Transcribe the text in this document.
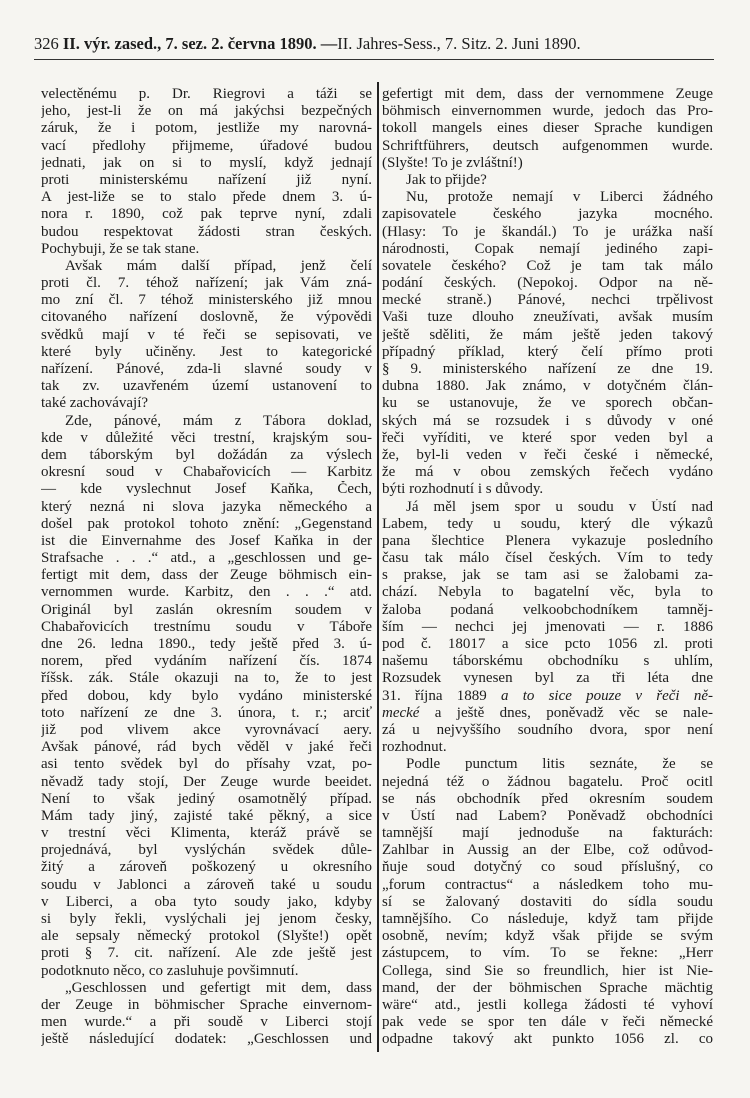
326 II. výr. zased., 7. sez. 2. června 1890. —II. Jahres-Sess., 7. Sitz. 2. Juni 1890.
velectěnému p. Dr. Riegrovi a táži se
jeho, jest-li že on má jakýchsi bezpečných
záruk, že i potom, jestliže my narovná-
vací předlohy přijmeme, úřadové budou
jednati, jak on si to myslí, když jednají
proti ministerskému nařízení již nyní.
A jest-liže se to stalo přede dnem 3. ú-
nora r. 1890, což pak teprve nyní, zdali
budou respektovat žádosti stran českých.
Pochybuji, že se tak stane.
Avšak mám další případ, jenž čelí
proti čl. 7. téhož nařízení; jak Vám zná-
mo zní čl. 7 téhož ministerského již mnou
citovaného nařízení doslovně, že výpovědi
svědků mají v té řeči se sepisovati, ve
které byly učiněny. Jest to kategorické
nařízení. Pánové, zda-li slavné soudy v
tak zv. uzavřeném území ustanovení to
také zachovávají?
Zde, pánové, mám z Tábora doklad,
kde v důležité věci trestní, krajským sou-
dem táborským byl dožádán za výslech
okresní soud v Chabařovicích — Karbitz
— kde vyslechnut Josef Kaňka, Čech,
který nezná ni slova jazyka německého a
došel pak protokol tohoto znění: „Gegenstand
ist die Einvernahme des Josef Kaňka in der
Strafsache . . .“ atd., a „geschlossen und ge-
fertigt mit dem, dass der Zeuge böhmisch ein-
vernommen wurde. Karbitz, den . . .“ atd.
Originál byl zaslán okresním soudem v
Chabařovicích trestnímu soudu v Táboře
dne 26. ledna 1890., tedy ještě před 3. ú-
norem, před vydáním nařízení čís. 1874
říšsk. zák. Stále okazuji na to, že to jest
před dobou, kdy bylo vydáno ministerské
toto nařízení ze dne 3. února, t. r.; arciť
již pod vlivem akce vyrovnávací aery.
Avšak pánové, rád bych věděl v jaké řeči
asi tento svědek byl do přísahy vzat, po-
něvadž tady stojí, Der Zeuge wurde beeidet.
Není to však jediný osamotnělý případ.
Mám tady jiný, zajisté také pěkný, a sice
v trestní věci Klimenta, kteráž právě se
projednává, byl vyslýchán svědek důle-
žitý a zároveň poškozený u okresního
soudu v Jablonci a zároveň také u soudu
v Liberci, a oba tyto soudy jako, kdyby
si byly řekli, vyslýchali jej jenom česky,
ale sepsaly německý protokol (Slyšte!) opět
proti § 7. cit. nařízení. Ale zde ještě jest
podotknuto něco, co zasluhuje povšimnutí.
„Geschlossen und gefertigt mit dem, dass
der Zeuge in böhmischer Sprache einvernom-
men wurde.“ a při soudě v Liberci stojí
ještě následující dodatek: „Geschlossen und
gefertigt mit dem, dass der vernommene Zeuge
böhmisch einvernommen wurde, jedoch das Pro-
tokoll mangels eines dieser Sprache kundigen
Schriftführers, deutsch aufgenommen wurde.
(Slyšte! To je zvláštní!)
Jak to přijde?
Nu, protože nemají v Liberci žádného
zapisovatele českého jazyka mocného.
(Hlasy: To je škandál.) To je urážka naší
národnosti, Copak nemají jediného zapi-
sovatele českého? Což je tam tak málo
podání českých. (Nepokoj. Odpor na ně-
mecké straně.) Pánové, nechci trpělivost
Vaši tuze dlouho zneužívati, avšak musím
ještě sděliti, že mám ještě jeden takový
případný příklad, který čelí přímo proti
§ 9. ministerského nařízení ze dne 19.
dubna 1880. Jak známo, v dotyčném člán-
ku se ustanovuje, že ve sporech občan-
ských má se rozsudek i s důvody v oné
řeči vyříditi, ve které spor veden byl a
že, byl-li veden v řeči české i německé,
že má v obou zemských řečech vydáno
býti rozhodnutí i s důvody.
Já měl jsem spor u soudu v Ústí nad
Labem, tedy u soudu, který dle výkazů
pana šlechtice Plenera vykazuje posledního
času tak málo čísel českých. Vím to tedy
s prakse, jak se tam asi se žalobami za-
chází. Nebyla to bagatelní věc, byla to
žaloba podaná velkoobchodníkem tamněj-
ším — nechci jej jmenovati — r. 1886
pod č. 18017 a sice pcto 1056 zl. proti
našemu táborskému obchodníku s uhlím,
Rozsudek vynesen byl za tři léta dne
31. října 1889 a to sice pouze v řeči ně-
mecké a ještě dnes, poněvadž věc se nale-
zá u nejvyššího soudního dvora, spor není
rozhodnut.
Podle punctum litis seznáte, že se
nejedná též o žádnou bagatelu. Proč ocitl
se nás obchodník před okresním soudem
v Ústí nad Labem? Poněvadž obchodníci
tamnější mají jednoduše na fakturách:
Zahlbar in Aussig an der Elbe, což odůvod-
ňuje soud dotyčný co soud příslušný, co
„forum contractus“ a následkem toho mu-
sí se žalovaný dostaviti do sídla soudu
tamnějšího. Co následuje, když tam přijde
osobně, nevím; když však přijde se svým
zástupcem, to vím. To se řekne: „Herr
Collega, sind Sie so freundlich, hier ist Nie-
mand, der der böhmischen Sprache mächtig
wäre“ atd., jestli kollega žádosti té vyhoví
pak vede se spor ten dále v řeči německé
odpadne takový akt punkto 1056 zl. co
